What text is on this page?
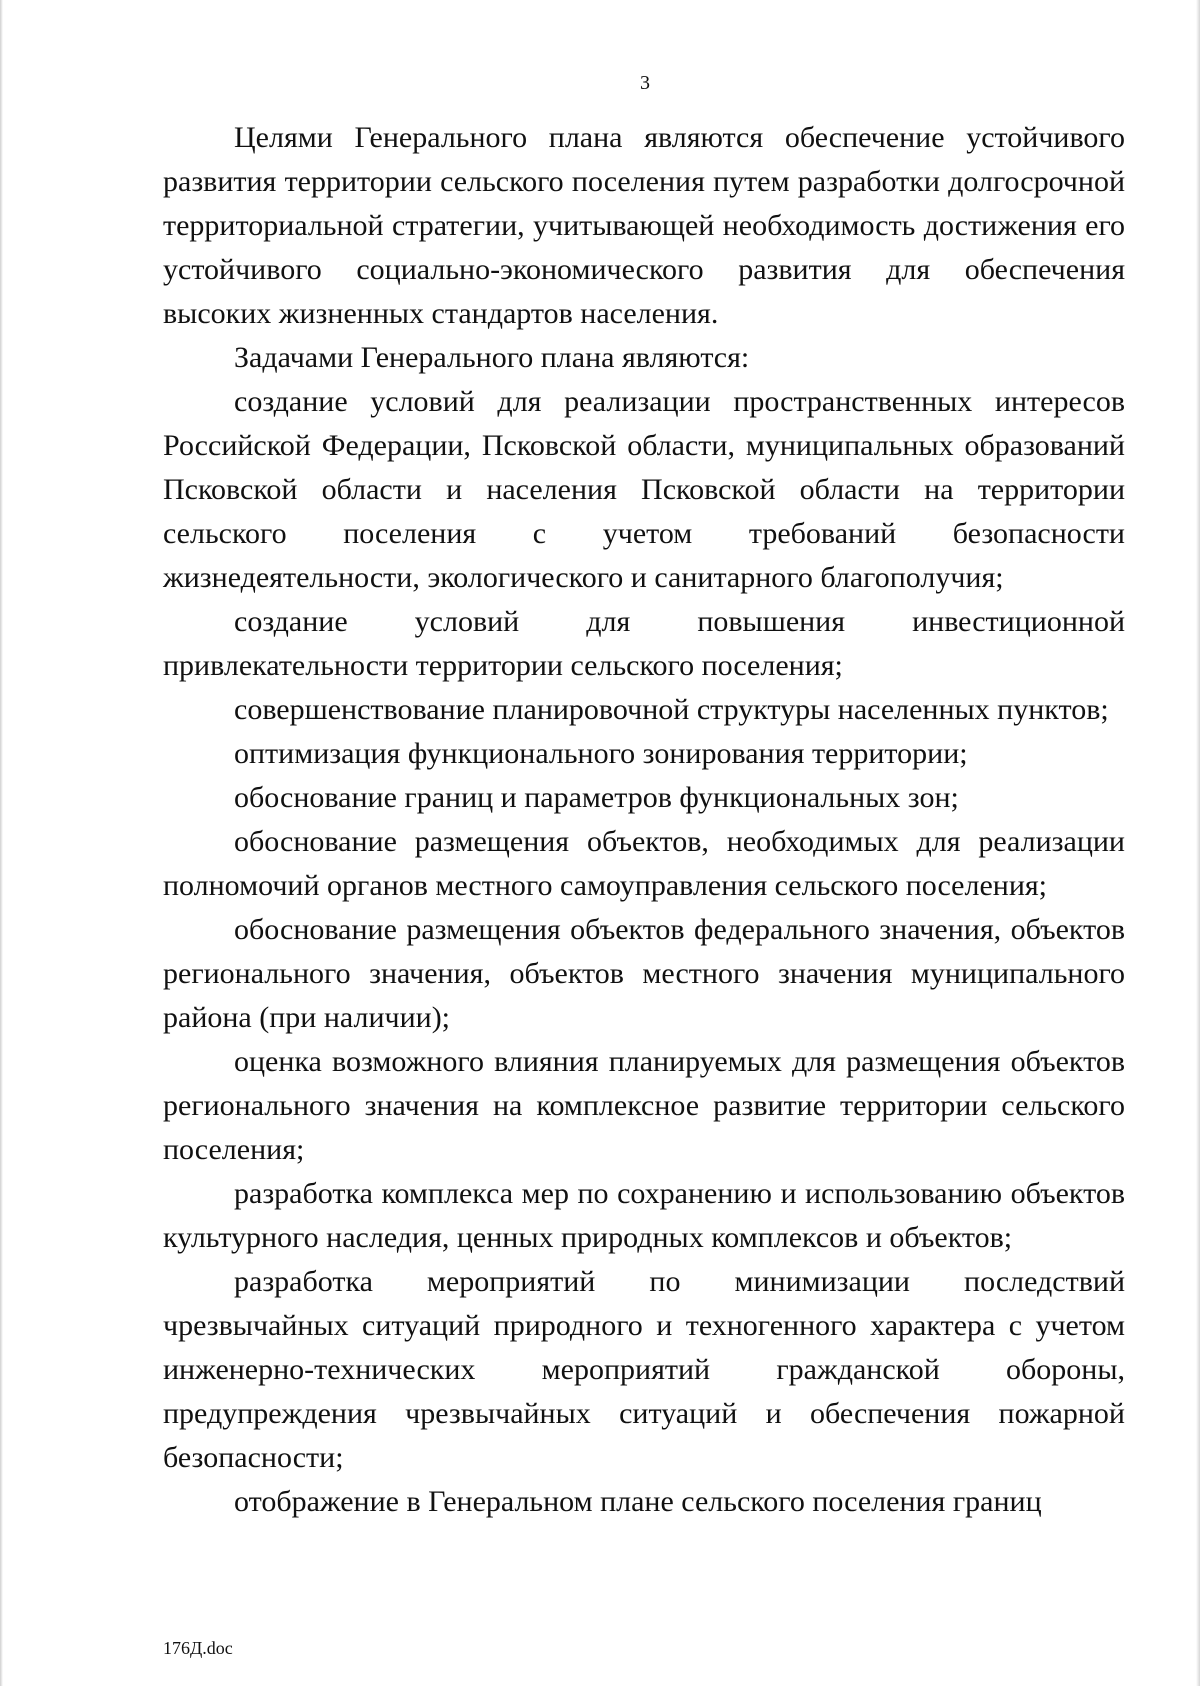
3

Целями Генерального плана являются обеспечение устойчивого развития территории сельского поселения путем разработки долгосрочной территориальной стратегии, учитывающей необходимость достижения его устойчивого социально-экономического развития для обеспечения высоких жизненных стандартов населения.

Задачами Генерального плана являются:

создание условий для реализации пространственных интересов Российской Федерации, Псковской области, муниципальных образований Псковской области и населения Псковской области на территории сельского поселения с учетом требований безопасности жизнедеятельности, экологического и санитарного благополучия;

создание условий для повышения инвестиционной привлекательности территории сельского поселения;

совершенствование планировочной структуры населенных пунктов;

оптимизация функционального зонирования территории;

обоснование границ и параметров функциональных зон;

обоснование размещения объектов, необходимых для реализации полномочий органов местного самоуправления сельского поселения;

обоснование размещения объектов федерального значения, объектов регионального значения, объектов местного значения муниципального района (при наличии);

оценка возможного влияния планируемых для размещения объектов регионального значения на комплексное развитие территории сельского поселения;

разработка комплекса мер по сохранению и использованию объектов культурного наследия, ценных природных комплексов и объектов;

разработка мероприятий по минимизации последствий чрезвычайных ситуаций природного и техногенного характера с учетом инженерно-технических мероприятий гражданской обороны, предупреждения чрезвычайных ситуаций и обеспечения пожарной безопасности;

отображение в Генеральном плане сельского поселения границ

176Д.doc
